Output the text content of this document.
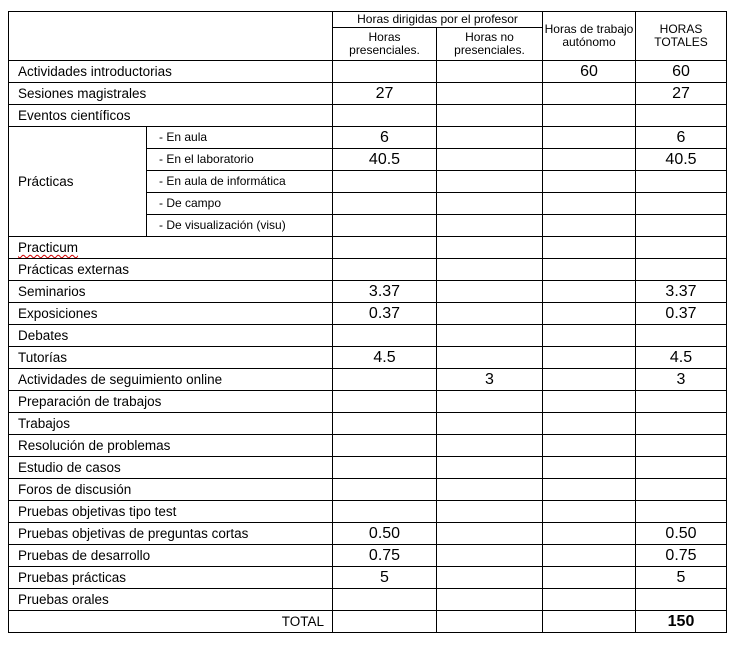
		Horas dirigidas por el profesor		Horas de trabajo autónomo	HORAS TOTALES
		Horas presenciales.	Horas no presenciales.		
Actividades introductorias				60	60
Sesiones magistrales		27			27
Eventos científicos					
Prácticas	- En aula	6			6
	- En el laboratorio	40.5			40.5
	- En aula de informática				
	- De campo				
	- De visualización (visu)				
Practicum					
Prácticas externas					
Seminarios		3.37			3.37
Exposiciones		0.37			0.37
Debates					
Tutorías		4.5			4.5
Actividades de seguimiento online			3		3
Preparación de trabajos					
Trabajos					
Resolución de problemas					
Estudio de casos					
Foros de discusión					
Pruebas objetivas tipo test					
Pruebas objetivas de preguntas cortas		0.50			0.50
Pruebas de desarrollo		0.75			0.75
Pruebas prácticas		5			5
Pruebas orales					
TOTAL					150
